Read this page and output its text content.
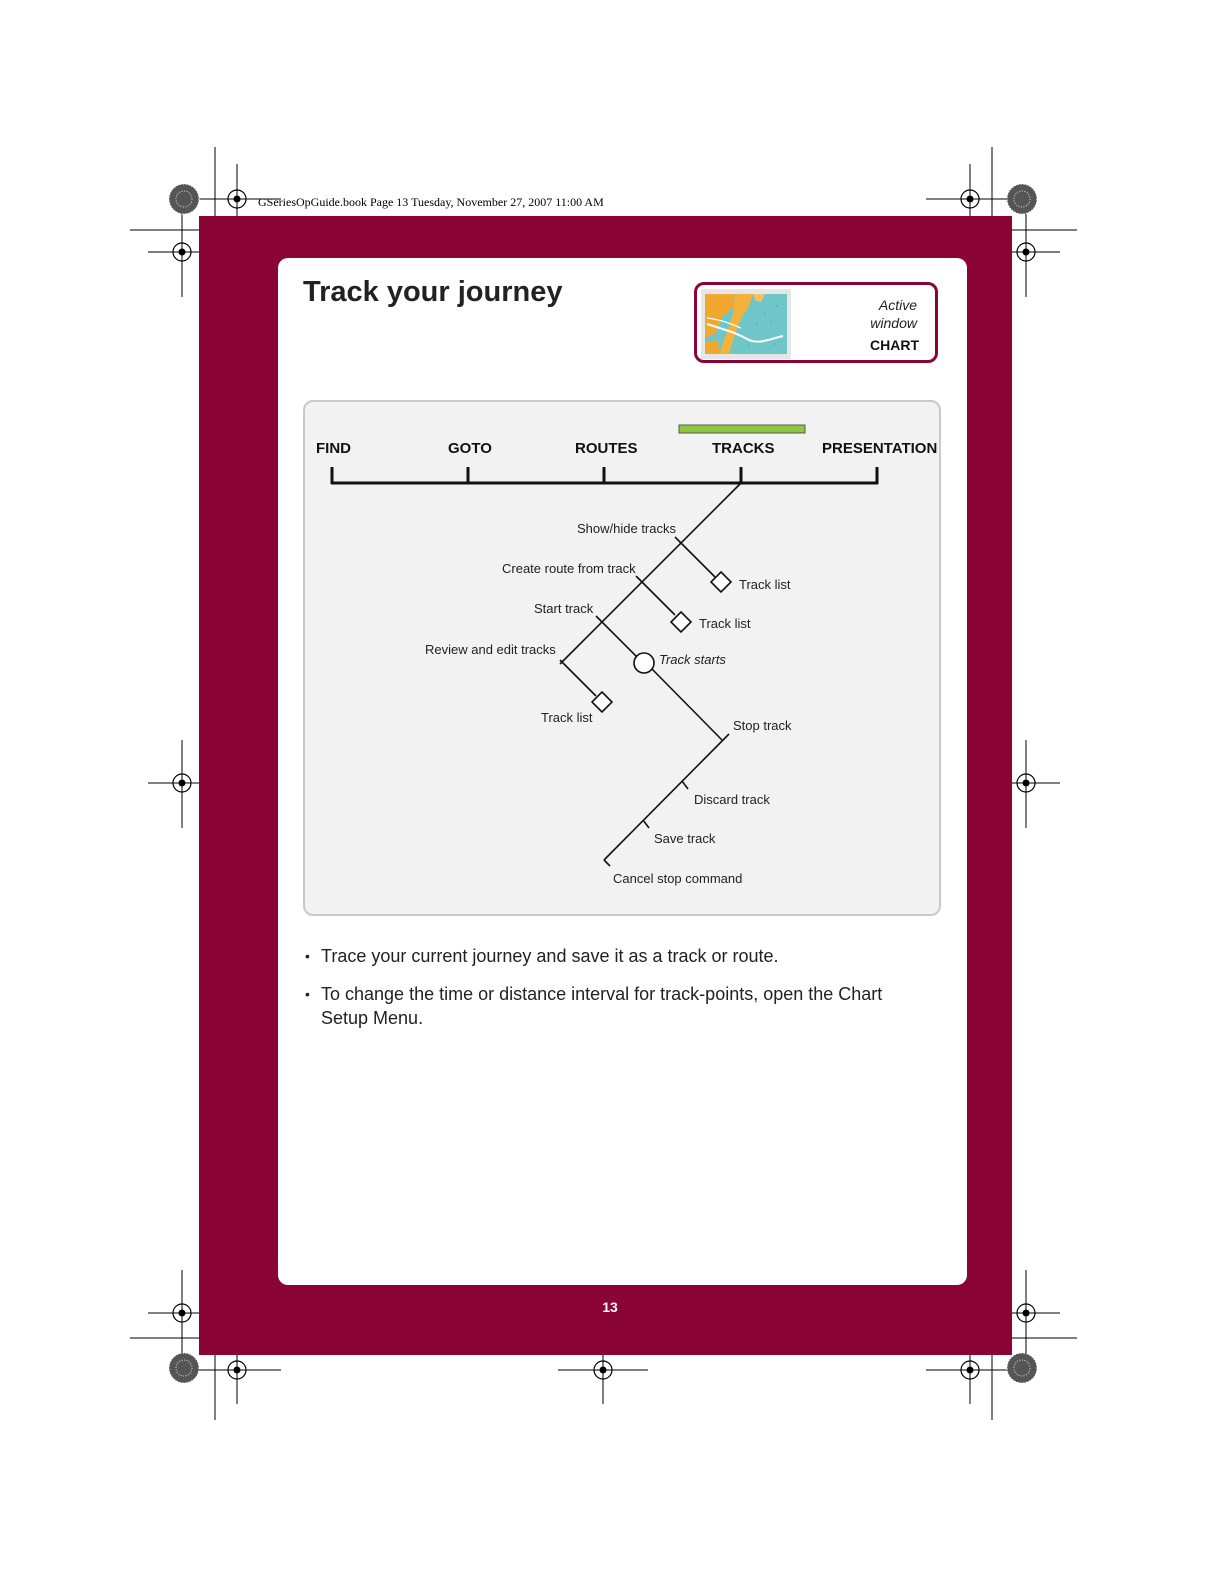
GSeriesOpGuide.book Page 13 Tuesday, November 27, 2007 11:00 AM
Track your journey	Active
window
CHART
FIND	GOTO	ROUTES	TRACKS	PRESENTATION
Show/hide tracks
Track list
Create route from track
Track list
Start track
Track starts
Review and edit tracks
Track list
Stop track
Discard track
Save track
Cancel stop command
• Trace your current journey and save it as a track or route.
• To change the time or distance interval for track-points, open the Chart Setup Menu.
13
